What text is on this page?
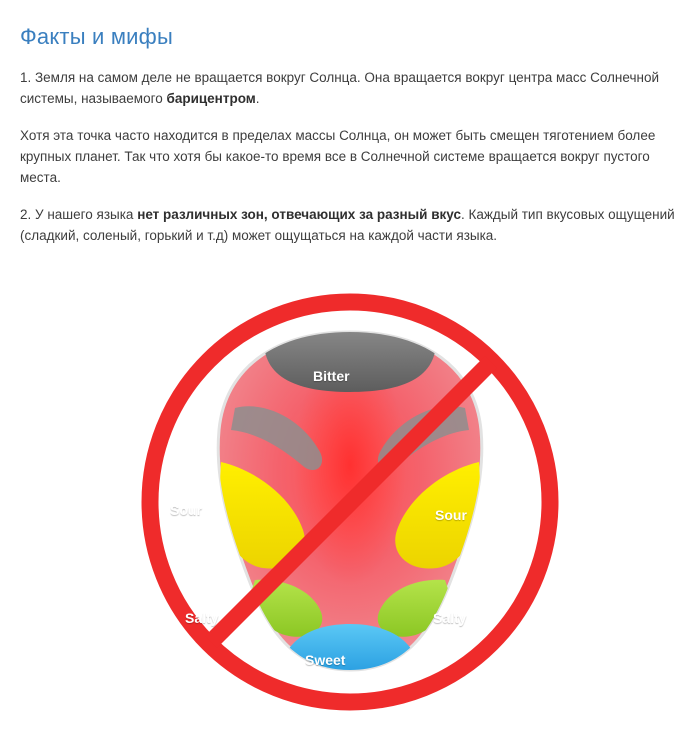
Факты и мифы

1. Земля на самом деле не вращается вокруг Солнца. Она вращается вокруг центра масс Солнечной системы, называемого барицентром.

Хотя эта точка часто находится в пределах массы Солнца, он может быть смещен тяготением более крупных планет. Так что хотя бы какое-то время все в Солнечной системе вращается вокруг пустого места.

2. У нашего языка нет различных зон, отвечающих за разный вкус. Каждый тип вкусовых ощущений (сладкий, соленый, горький и т.д) может ощущаться на каждой части языка.

Bitter
Sour	Sour
Salty	Salty
Sweet
